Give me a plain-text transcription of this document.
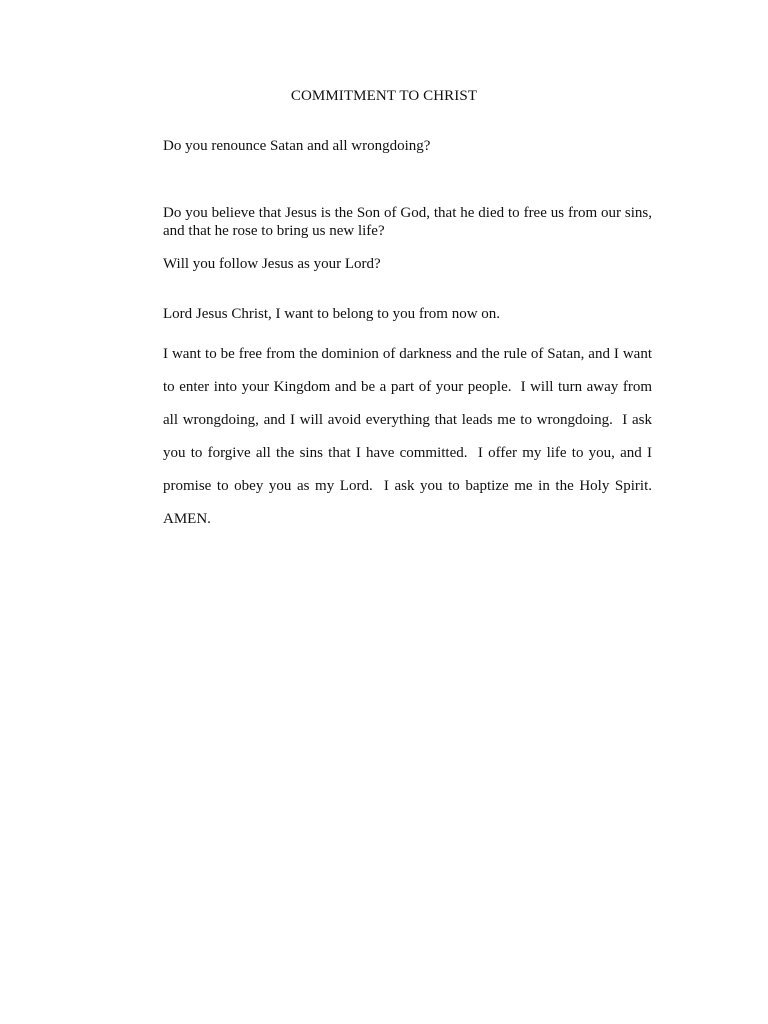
COMMITMENT TO CHRIST
Do you renounce Satan and all wrongdoing?
Do you believe that Jesus is the Son of God, that he died to free us from our sins, and that he rose to bring us new life?
Will you follow Jesus as your Lord?
Lord Jesus Christ, I want to belong to you from now on.
I want to be free from the dominion of darkness and the rule of Satan, and I want to enter into your Kingdom and be a part of your people.  I will turn away from all wrongdoing, and I will avoid everything that leads me to wrongdoing.  I ask you to forgive all the sins that I have committed.  I offer my life to you, and I promise to obey you as my Lord.  I ask you to baptize me in the Holy Spirit.  AMEN.
